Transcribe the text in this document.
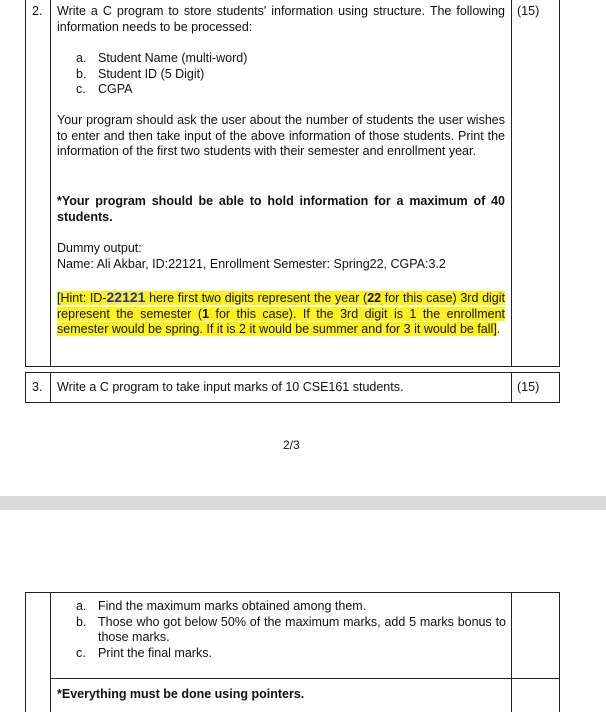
2.	(15)
Write a C program to store students' information using structure. The following information needs to be processed:
a. Student Name (multi-word)
b. Student ID (5 Digit)
c. CGPA
Your program should ask the user about the number of students the user wishes to enter and then take input of the above information of those students. Print the information of the first two students with their semester and enrollment year.
*Your program should be able to hold information for a maximum of 40 students.
Dummy output:
Name: Ali Akbar, ID:22121, Enrollment Semester: Spring22, CGPA:3.2
[Hint: ID-22121 here first two digits represent the year (22 for this case) 3rd digit represent the semester (1 for this case). If the 3rd digit is 1 the enrollment semester would be spring. If it is 2 it would be summer and for 3 it would be fall].
3. Write a C program to take input marks of 10 CSE161 students.	(15)
2/3
a. Find the maximum marks obtained among them.
b. Those who got below 50% of the maximum marks, add 5 marks bonus to those marks.
c. Print the final marks.
*Everything must be done using pointers.
